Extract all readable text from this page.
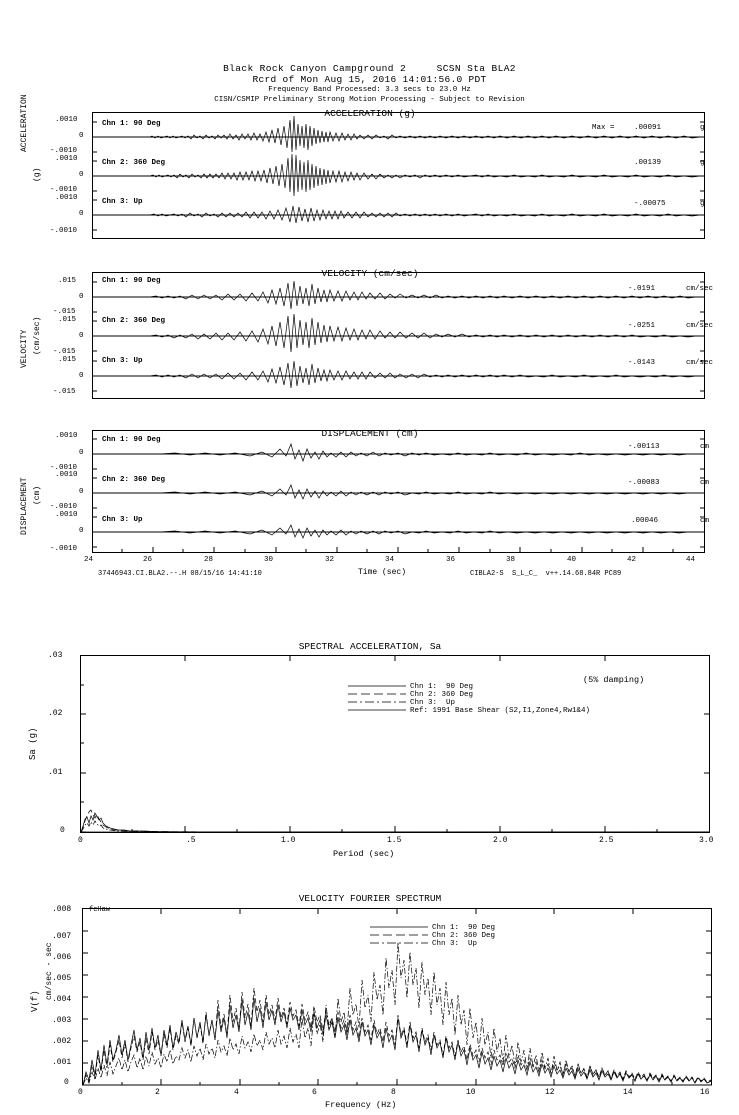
Black Rock Canyon Campground 2     SCSN Sta BLA2
Rcrd of Mon Aug 15, 2016 14:01:56.0 PDT
Frequency Band Processed: 3.3 secs to 23.0 Hz
CISN/CSMIP Preliminary Strong Motion Processing - Subject to Revision
ACCELERATION (g)
ACCELERATION
(g)
.0010
0
-.0010
.0010
0
-.0010
.0010
0
-.0010
Chn 1: 90 Deg
Chn 2: 360 Deg
Chn 3: Up
Max =	.00091	g
.00139	g
-.00075	g
VELOCITY (cm/sec)
VELOCITY (cm/sec)
.015
0
-.015
.015
0
-.015
.015
0
-.015
Chn 1: 90 Deg
Chn 2: 360 Deg
Chn 3: Up
-.0191	cm/sec
-.0251	cm/sec
-.0143	cm/sec
DISPLACEMENT (cm)
DISPLACEMENT (cm)
.0010
0
-.0010
.0010
0
-.0010
.0010
0
-.0010
Chn 1: 90 Deg
Chn 2: 360 Deg
Chn 3: Up
-.00113	cm
-.00083	cm
.00046	cm
24	26	28	30	32	34	36	38	40	42	44
Time (sec)
37446943.CI.BLA2.--.H 08/15/16 14:41:10	CIBLA2-S  S_L_C_  v++.14.68.84R PC89
SPECTRAL ACCELERATION, Sa
(5% damping)
Sa (g)
0
.01
.02
.03
0	.5	1.0	1.5	2.0	2.5	3.0
Period (sec)
Chn 1:  90 Deg
Chn 2: 360 Deg
Chn 3:  Up
Ref: 1991 Base Shear (S2,I1,Zone4,Rw1&4)
VELOCITY FOURIER SPECTRUM
fcHaw
V(f)
cm/sec - sec
0
.001
.002
.003
.004
.005
.006
.007
.008
0	2	4	6	8	10	12	14	16
Frequency (Hz)
Chn 1:  90 Deg
Chn 2: 360 Deg
Chn 3:  Up
